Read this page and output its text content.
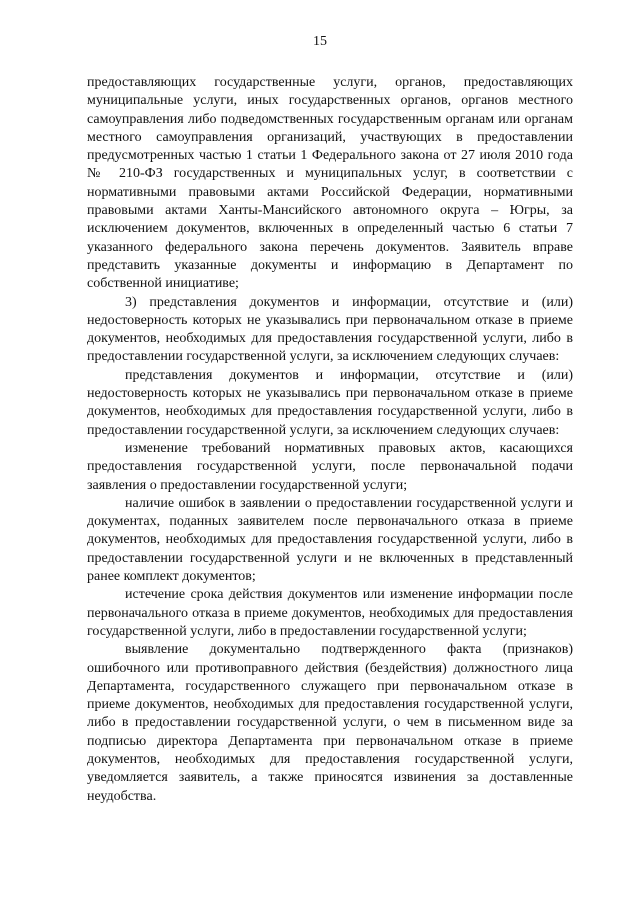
15

предоставляющих государственные услуги, органов, предоставляющих муниципальные услуги, иных государственных органов, органов местного самоуправления либо подведомственных государственным органам или органам местного самоуправления организаций, участвующих в предоставлении предусмотренных частью 1 статьи 1 Федерального закона от 27 июля 2010 года № 210-ФЗ государственных и муниципальных услуг, в соответствии с нормативными правовыми актами Российской Федерации, нормативными правовыми актами Ханты-Мансийского автономного округа – Югры, за исключением документов, включенных в определенный частью 6 статьи 7 указанного федерального закона перечень документов. Заявитель вправе представить указанные документы и информацию в Департамент по собственной инициативе;

3) представления документов и информации, отсутствие и (или) недостоверность которых не указывались при первоначальном отказе в приеме документов, необходимых для предоставления государственной услуги, либо в предоставлении государственной услуги, за исключением следующих случаев:

представления документов и информации, отсутствие и (или) недостоверность которых не указывались при первоначальном отказе в приеме документов, необходимых для предоставления государственной услуги, либо в предоставлении государственной услуги, за исключением следующих случаев:

изменение требований нормативных правовых актов, касающихся предоставления государственной услуги, после первоначальной подачи заявления о предоставлении государственной услуги;

наличие ошибок в заявлении о предоставлении государственной услуги и документах, поданных заявителем после первоначального отказа в приеме документов, необходимых для предоставления государственной услуги, либо в предоставлении государственной услуги и не включенных в представленный ранее комплект документов;

истечение срока действия документов или изменение информации после первоначального отказа в приеме документов, необходимых для предоставления государственной услуги, либо в предоставлении государственной услуги;

выявление документально подтвержденного факта (признаков) ошибочного или противоправного действия (бездействия) должностного лица Департамента, государственного служащего при первоначальном отказе в приеме документов, необходимых для предоставления государственной услуги, либо в предоставлении государственной услуги, о чем в письменном виде за подписью директора Департамента при первоначальном отказе в приеме документов, необходимых для предоставления государственной услуги, уведомляется заявитель, а также приносятся извинения за доставленные неудобства.
